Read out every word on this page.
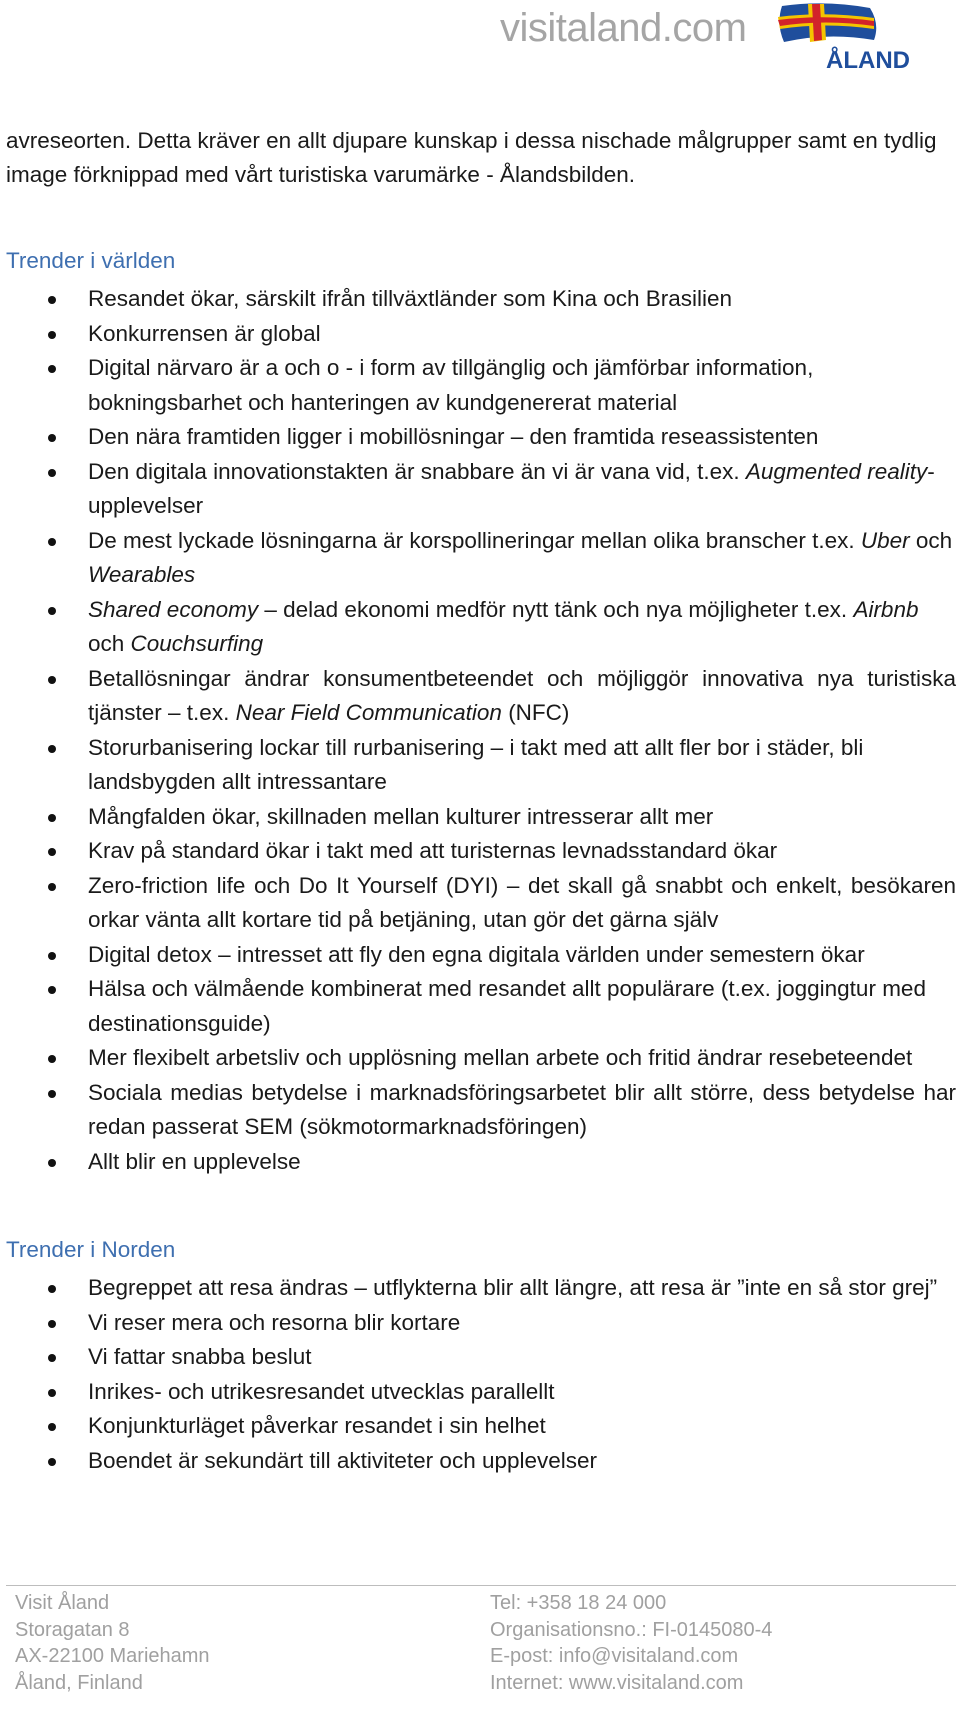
visitaland.com
ÅLAND
avreseorten. Detta kräver en allt djupare kunskap i dessa nischade målgrupper samt en tydlig image förknippad med vårt turistiska varumärke - Ålandsbilden.
Trender i världen
Resandet ökar, särskilt ifrån tillväxtländer som Kina och Brasilien
Konkurrensen är global
Digital närvaro är a och o - i form av tillgänglig och jämförbar information, bokningsbarhet och hanteringen av kundgenererat material
Den nära framtiden ligger i mobillösningar – den framtida reseassistenten
Den digitala innovationstakten är snabbare än vi är vana vid, t.ex. Augmented reality-upplevelser
De mest lyckade lösningarna är korspollineringar mellan olika branscher t.ex. Uber och Wearables
Shared economy – delad ekonomi medför nytt tänk och nya möjligheter t.ex. Airbnb och Couchsurfing
Betallösningar ändrar konsumentbeteendet och möjliggör innovativa nya turistiska tjänster – t.ex. Near Field Communication (NFC)
Storurbanisering lockar till rurbanisering – i takt med att allt fler bor i städer, bli landsbygden allt intressantare
Mångfalden ökar, skillnaden mellan kulturer intresserar allt mer
Krav på standard ökar i takt med att turisternas levnadsstandard ökar
Zero-friction life och Do It Yourself (DYI) – det skall gå snabbt och enkelt, besökaren orkar vänta allt kortare tid på betjäning, utan gör det gärna själv
Digital detox – intresset att fly den egna digitala världen under semestern ökar
Hälsa och välmående kombinerat med resandet allt populärare (t.ex. joggingtur med destinationsguide)
Mer flexibelt arbetsliv och upplösning mellan arbete och fritid ändrar resebeteendet
Sociala medias betydelse i marknadsföringsarbetet blir allt större, dess betydelse har redan passerat SEM (sökmotormarknadsföringen)
Allt blir en upplevelse
Trender i Norden
Begreppet att resa ändras – utflykterna blir allt längre, att resa är ”inte en så stor grej”
Vi reser mera och resorna blir kortare
Vi fattar snabba beslut
Inrikes- och utrikesresandet utvecklas parallellt
Konjunkturläget påverkar resandet i sin helhet
Boendet är sekundärt till aktiviteter och upplevelser
Visit Åland
Storagatan 8
AX-22100 Mariehamn
Åland, Finland
Tel: +358 18 24 000
Organisationsno.: FI-0145080-4
E-post: info@visitaland.com
Internet: www.visitaland.com
